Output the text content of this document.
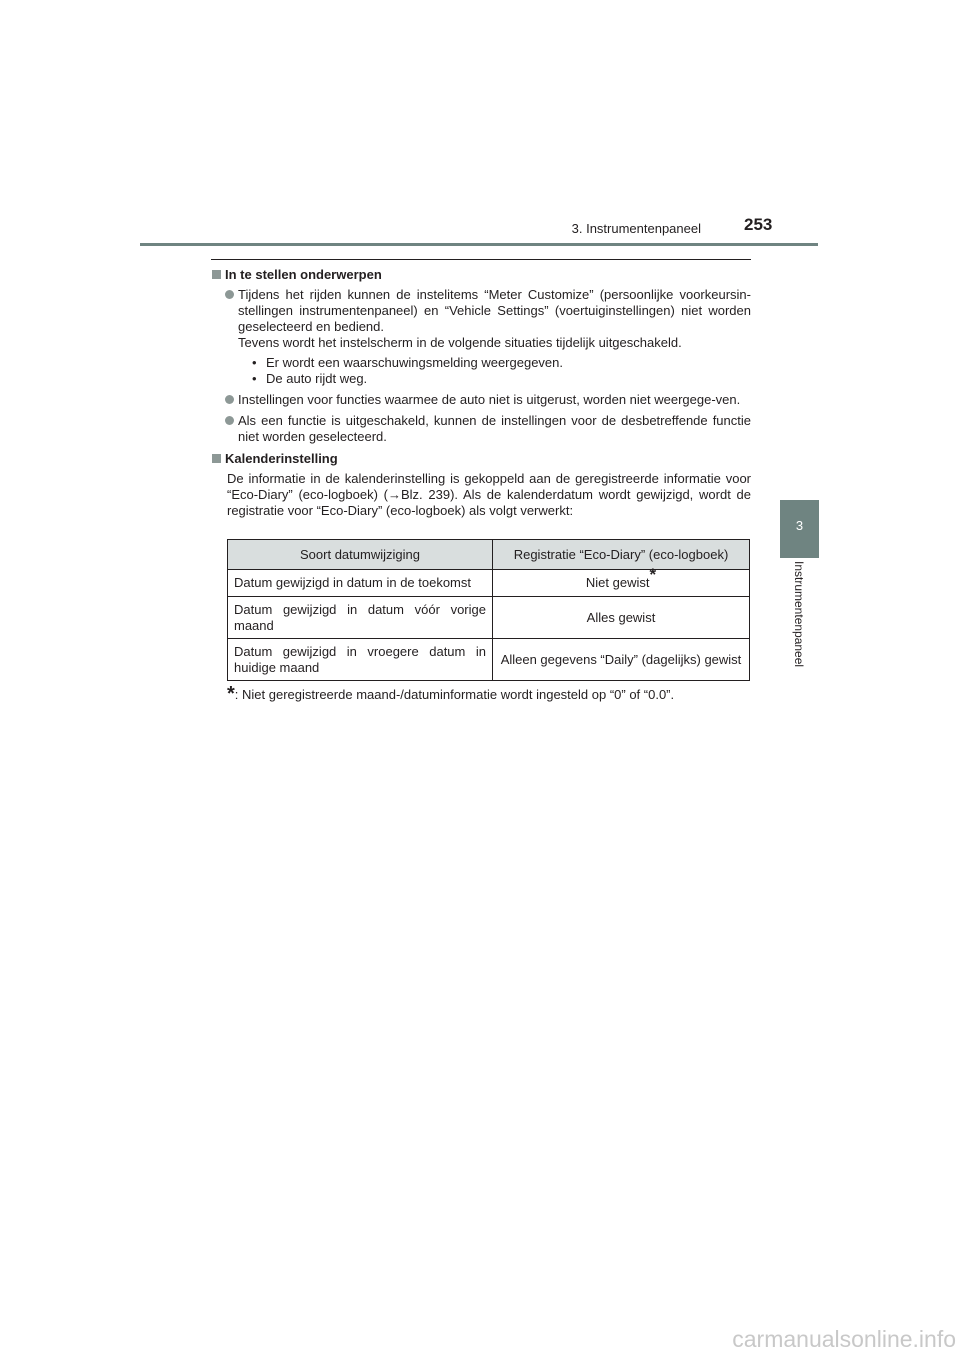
3. Instrumentenpaneel	253
3
Instrumentenpaneel
In te stellen onderwerpen

Tijdens het rijden kunnen de instelitems “Meter Customize” (persoonlijke voorkeursin-stellingen instrumentenpaneel) en “Vehicle Settings” (voertuiginstellingen) niet worden geselecteerd en bediend.

Tevens wordt het instelscherm in de volgende situaties tijdelijk uitgeschakeld.

• Er wordt een waarschuwingsmelding weergegeven.
• De auto rijdt weg.

Instellingen voor functies waarmee de auto niet is uitgerust, worden niet weergege-ven.

Als een functie is uitgeschakeld, kunnen de instellingen voor de desbetreffende functie niet worden geselecteerd.

Kalenderinstelling
De informatie in de kalenderinstelling is gekoppeld aan de geregistreerde informatie voor “Eco-Diary” (eco-logboek) (→Blz. 239). Als de kalenderdatum wordt gewijzigd, wordt de registratie voor “Eco-Diary” (eco-logboek) als volgt verwerkt:
Soort datumwijziging	Registratie “Eco-Diary” (eco-logboek)
Datum gewijzigd in datum in de toekomst	Niet gewist*
Datum gewijzigd in datum vóór vorige maand	Alles gewist
Datum gewijzigd in vroegere datum in huidige maand	Alleen gegevens “Daily” (dagelijks) gewist
*: Niet geregistreerde maand-/datuminformatie wordt ingesteld op “0” of “0.0”.
carmanualsonline.info
